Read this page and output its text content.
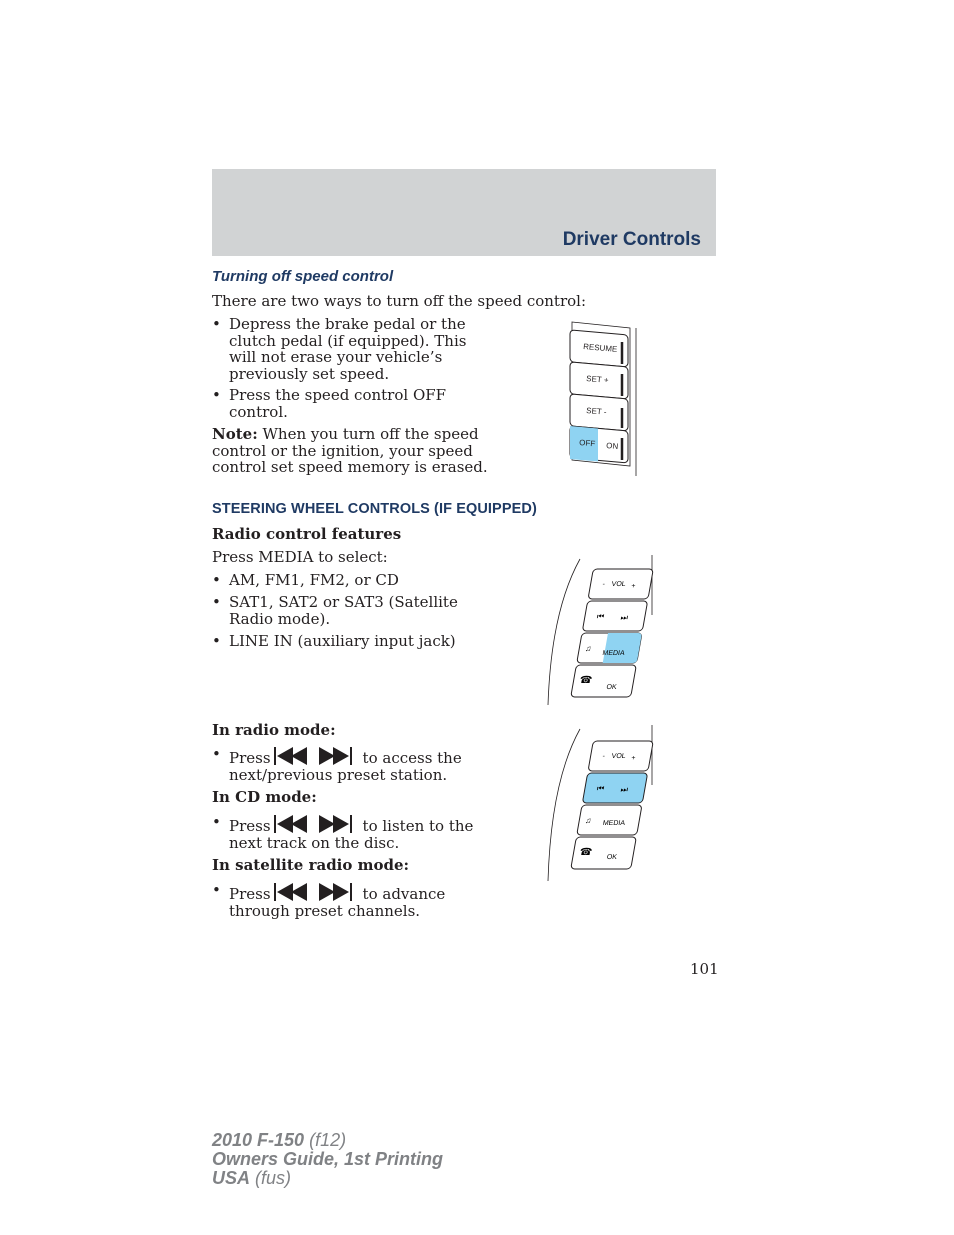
Driver Controls
Turning off speed control
There are two ways to turn off the speed control:
• Depress the brake pedal or the
clutch pedal (if equipped). This
will not erase your vehicle’s
previously set speed.
• Press the speed control OFF
control.
Note: When you turn off the speed
control or the ignition, your speed
control set speed memory is erased.
RESUME
SET +
SET -
OFF ON
STEERING WHEEL CONTROLS (IF EQUIPPED)
Radio control features
Press MEDIA to select:
• AM, FM1, FM2, or CD
• SAT1, SAT2 or SAT3 (Satellite
Radio mode).
• LINE IN (auxiliary input jack)
- VOL +
⏮ ⏭
♫
MEDIA
☎
OK
In radio mode:
• Press	to access the
next/previous preset station.
In CD mode:
• Press	to listen to the
next track on the disc.
In satellite radio mode:
• Press	to advance
through preset channels.
- VOL +
⏮ ⏭
♫ MEDIA
☎ OK
101
2010 F-150 (f12)
Owners Guide, 1st Printing
USA (fus)
